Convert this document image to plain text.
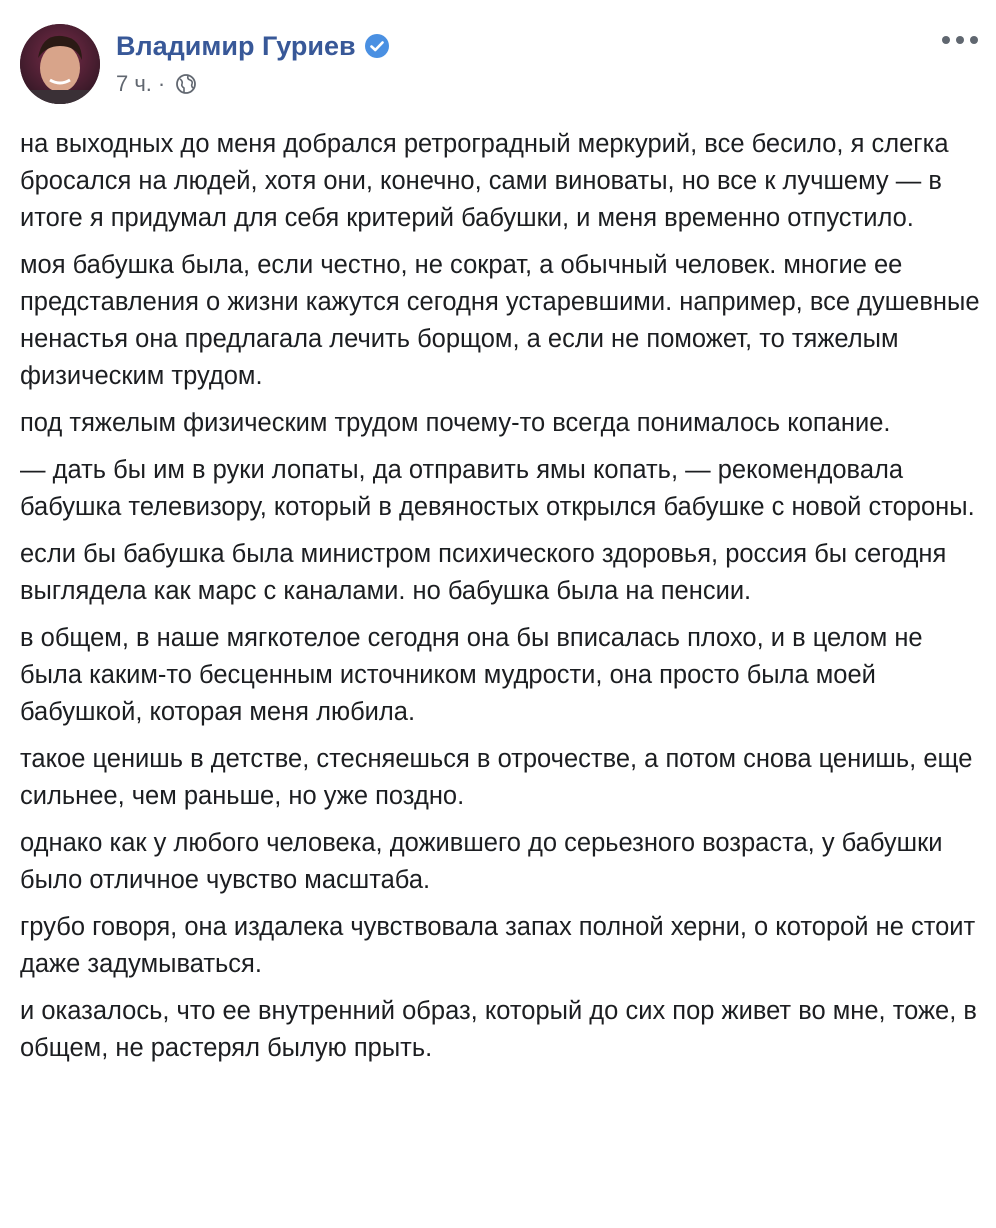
Владимир Гуриев
7 ч. ·

на выходных до меня добрался ретроградный меркурий, все бесило, я слегка бросался на людей, хотя они, конечно, сами виноваты, но все к лучшему — в итоге я придумал для себя критерий бабушки, и меня временно отпустило.

моя бабушка была, если честно, не сократ, а обычный человек. многие ее представления о жизни кажутся сегодня устаревшими. например, все душевные ненастья она предлагала лечить борщом, а если не поможет, то тяжелым физическим трудом.

под тяжелым физическим трудом почему-то всегда понималось копание.

— дать бы им в руки лопаты, да отправить ямы копать, — рекомендовала бабушка телевизору, который в девяностых открылся бабушке с новой стороны.

если бы бабушка была министром психического здоровья, россия бы сегодня выглядела как марс с каналами. но бабушка была на пенсии.

в общем, в наше мягкотелое сегодня она бы вписалась плохо, и в целом не была каким-то бесценным источником мудрости, она просто была моей бабушкой, которая меня любила.

такое ценишь в детстве, стесняешься в отрочестве, а потом снова ценишь, еще сильнее, чем раньше, но уже поздно.

однако как у любого человека, дожившего до серьезного возраста, у бабушки было отличное чувство масштаба.

грубо говоря, она издалека чувствовала запах полной херни, о которой не стоит даже задумываться.

и оказалось, что ее внутренний образ, который до сих пор живет во мне, тоже, в общем, не растерял былую прыть.
